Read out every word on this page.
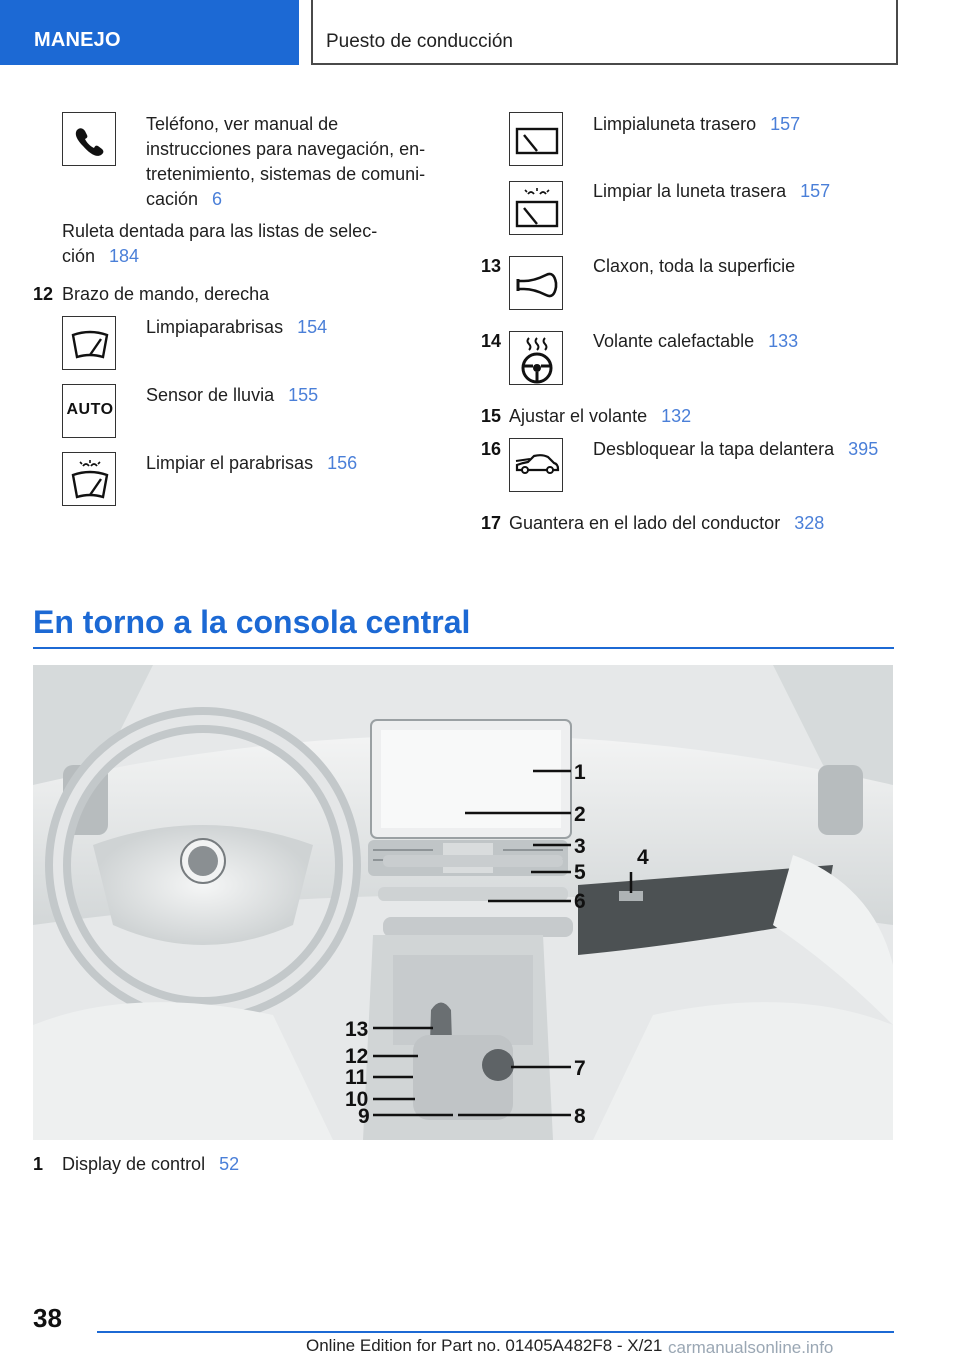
MANEJO	Puesto de conducción
Teléfono, ver manual de
instrucciones para navegación, en-
tretenimiento, sistemas de comuni-
cación 6
Ruleta dentada para las listas de selec-
ción 184
12 Brazo de mando, derecha
Limpiaparabrisas 154
AUTO
Sensor de lluvia 155
Limpiar el parabrisas 156
Limpialuneta trasero 157
Limpiar la luneta trasera 157
13	Claxon, toda la superficie
14	Volante calefactable 133
15 Ajustar el volante 132
16	Desbloquear la tapa delantera 395
17 Guantera en el lado del conductor 328
En torno a la consola central
1
2
3
5
6
4
13
12
11
10
9
7
8
1 Display de control 52
38
Online Edition for Part no. 01405A482F8 - X/21 carmanualsonline.info
